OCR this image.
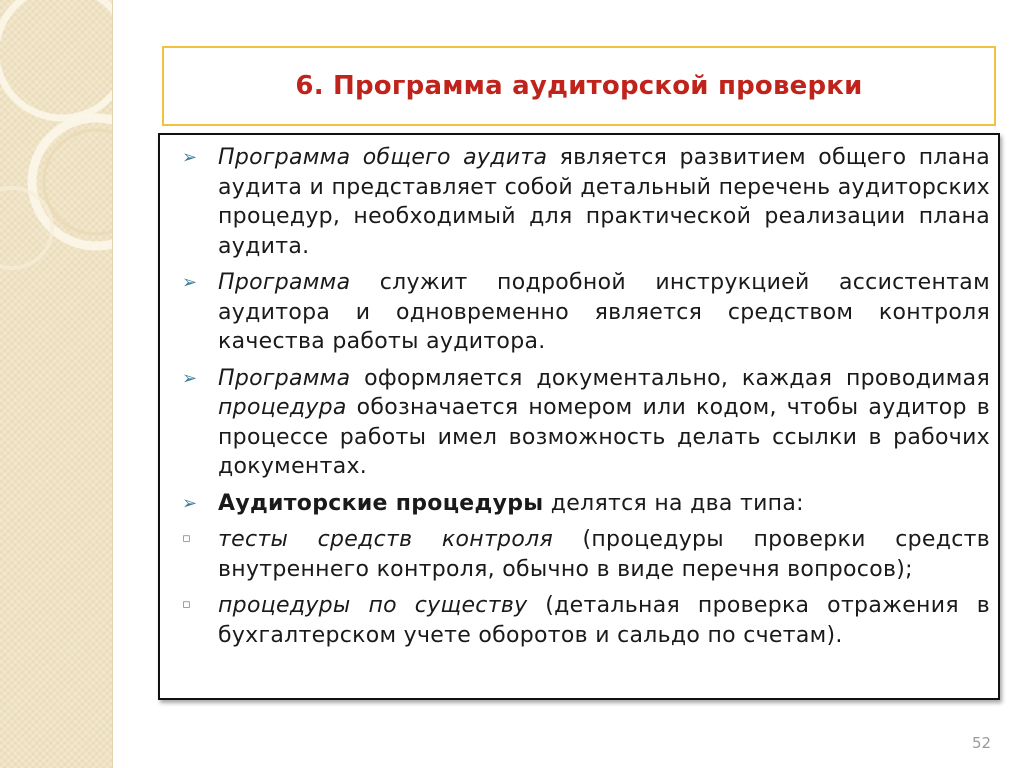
6. Программа аудиторской проверки
➢ Программа общего аудита является развитием общего плана аудита и представляет собой детальный перечень аудиторских процедур, необходимый для практической реализации плана аудита.

➢ Программа служит подробной инструкцией ассистентам аудитора и одновременно является средством контроля качества работы аудитора.

➢ Программа оформляется документально, каждая проводимая процедура обозначается номером или кодом, чтобы аудитор в процессе работы имел возможность делать ссылки в рабочих документах.

➢ Аудиторские процедуры делятся на два типа:

▫ тесты средств контроля (процедуры проверки средств внутреннего контроля, обычно в виде перечня вопросов);

▫ процедуры по существу (детальная проверка отражения в бухгалтерском учете оборотов и сальдо по счетам).

52
